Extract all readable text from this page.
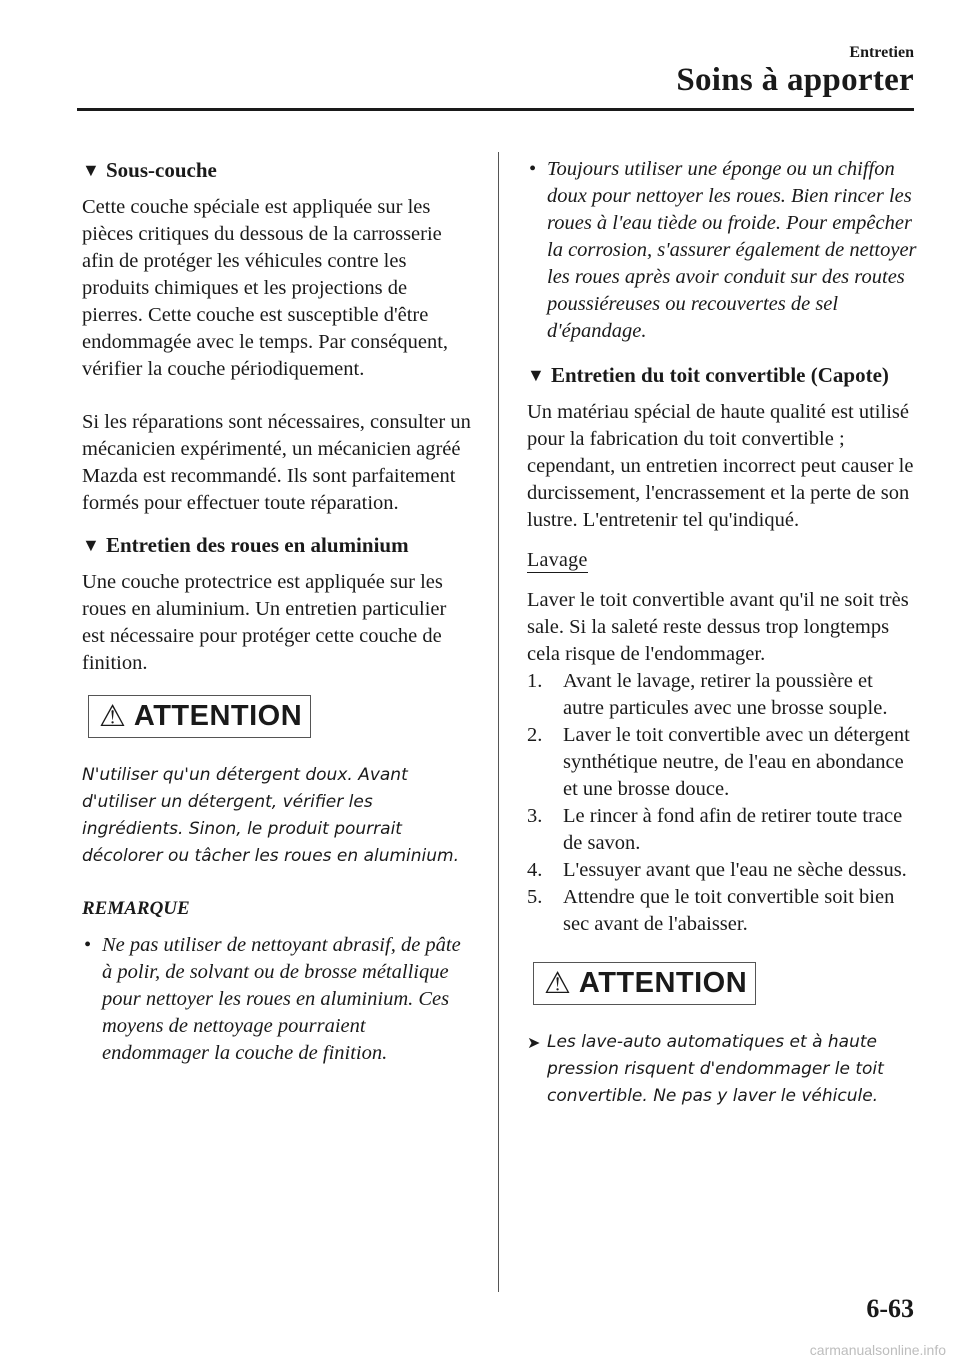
Entretien
Soins à apporter
▼ Sous-couche

Cette couche spéciale est appliquée sur les pièces critiques du dessous de la carrosserie afin de protéger les véhicules contre les produits chimiques et les projections de pierres. Cette couche est susceptible d'être endommagée avec le temps. Par conséquent, vérifier la couche périodiquement.

Si les réparations sont nécessaires, consulter un mécanicien expérimenté, un mécanicien agréé Mazda est recommandé. Ils sont parfaitement formés pour effectuer toute réparation.

▼ Entretien des roues en aluminium

Une couche protectrice est appliquée sur les roues en aluminium. Un entretien particulier est nécessaire pour protéger cette couche de finition.

⚠ ATTENTION

N'utiliser qu'un détergent doux. Avant d'utiliser un détergent, vérifier les ingrédients. Sinon, le produit pourrait décolorer ou tâcher les roues en aluminium.

REMARQUE
• Ne pas utiliser de nettoyant abrasif, de pâte à polir, de solvant ou de brosse métallique pour nettoyer les roues en aluminium. Ces moyens de nettoyage pourraient endommager la couche de finition.
• Toujours utiliser une éponge ou un chiffon doux pour nettoyer les roues. Bien rincer les roues à l'eau tiède ou froide. Pour empêcher la corrosion, s'assurer également de nettoyer les roues après avoir conduit sur des routes poussiéreuses ou recouvertes de sel d'épandage.
▼ Entretien du toit convertible (Capote)

Un matériau spécial de haute qualité est utilisé pour la fabrication du toit convertible ; cependant, un entretien incorrect peut causer le durcissement, l'encrassement et la perte de son lustre. L'entretenir tel qu'indiqué.

Lavage

Laver le toit convertible avant qu'il ne soit très sale. Si la saleté reste dessus trop longtemps cela risque de l'endommager.

1. Avant le lavage, retirer la poussière et autre particules avec une brosse souple.
2. Laver le toit convertible avec un détergent synthétique neutre, de l'eau en abondance et une brosse douce.
3. Le rincer à fond afin de retirer toute trace de savon.
4. L'essuyer avant que l'eau ne sèche dessus.
5. Attendre que le toit convertible soit bien sec avant de l'abaisser.
⚠ ATTENTION
➤ Les lave-auto automatiques et à haute pression risquent d'endommager le toit convertible. Ne pas y laver le véhicule.
6-63
carmanualsonline.info
